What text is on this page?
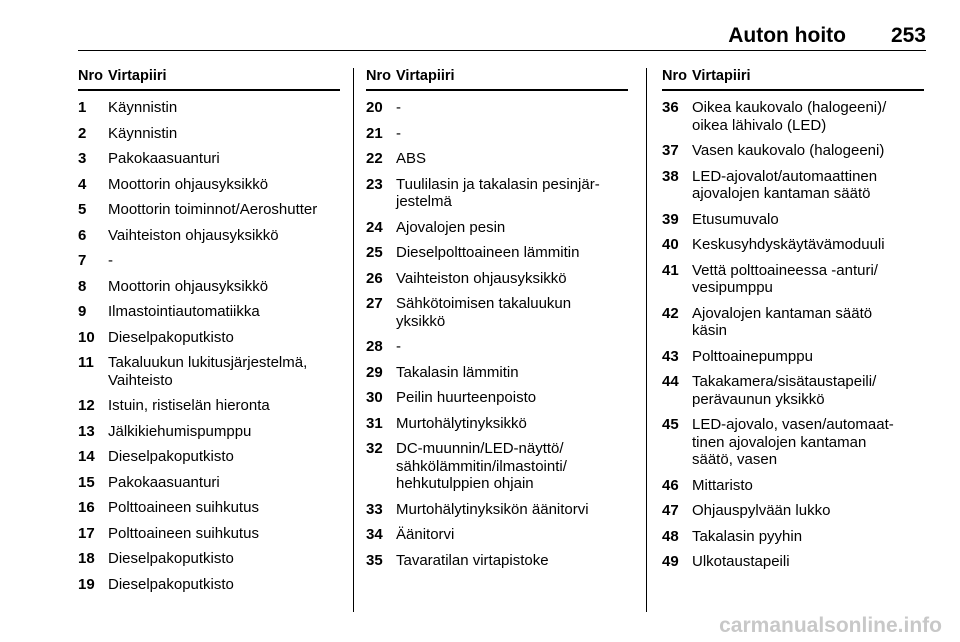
Auton hoito 253
Nro Virtapiiri
1	Käynnistin
2	Käynnistin
3	Pakokaasuanturi
4	Moottorin ohjausyksikkö
5	Moottorin toiminnot/Aeroshutter
6	Vaihteiston ohjausyksikkö
7	-
8	Moottorin ohjausyksikkö
9	Ilmastointiautomatiikka
10 Dieselpakoputkisto
11 Takaluukun lukitusjärjestelmä,
Vaihteisto
12 Istuin, ristiselän hieronta
13 Jälkikiehumispumppu
14 Dieselpakoputkisto
15 Pakokaasuanturi
16 Polttoaineen suihkutus
17 Polttoaineen suihkutus
18 Dieselpakoputkisto
19 Dieselpakoputkisto
Nro Virtapiiri
20 -
21 -
22 ABS
23 Tuulilasin ja takalasin pesinjär-
jestelmä
24 Ajovalojen pesin
25 Dieselpolttoaineen lämmitin
26 Vaihteiston ohjausyksikkö
27 Sähkötoimisen takaluukun
yksikkö
28 -
29 Takalasin lämmitin
30 Peilin huurteenpoisto
31 Murtohälytinyksikkö
32 DC-muunnin/LED-näyttö/
sähkölämmitin/ilmastointi/
hehkutulppien ohjain
33 Murtohälytinyksikön äänitorvi
34 Äänitorvi
35 Tavaratilan virtapistoke
Nro Virtapiiri
36 Oikea kaukovalo (halogeeni)/
oikea lähivalo (LED)
37 Vasen kaukovalo (halogeeni)
38 LED-ajovalot/automaattinen
ajovalojen kantaman säätö
39 Etusumuvalo
40 Keskusyhdyskäytävämoduuli
41 Vettä polttoaineessa -anturi/
vesipumppu
42 Ajovalojen kantaman säätö
käsin
43 Polttoainepumppu
44 Takakamera/sisätaustapeili/
perävaunun yksikkö
45 LED-ajovalo, vasen/automaat-
tinen ajovalojen kantaman
säätö, vasen
46 Mittaristo
47 Ohjauspylvään lukko
48 Takalasin pyyhin
49 Ulkotaustapeili
carmanualsonline.info
